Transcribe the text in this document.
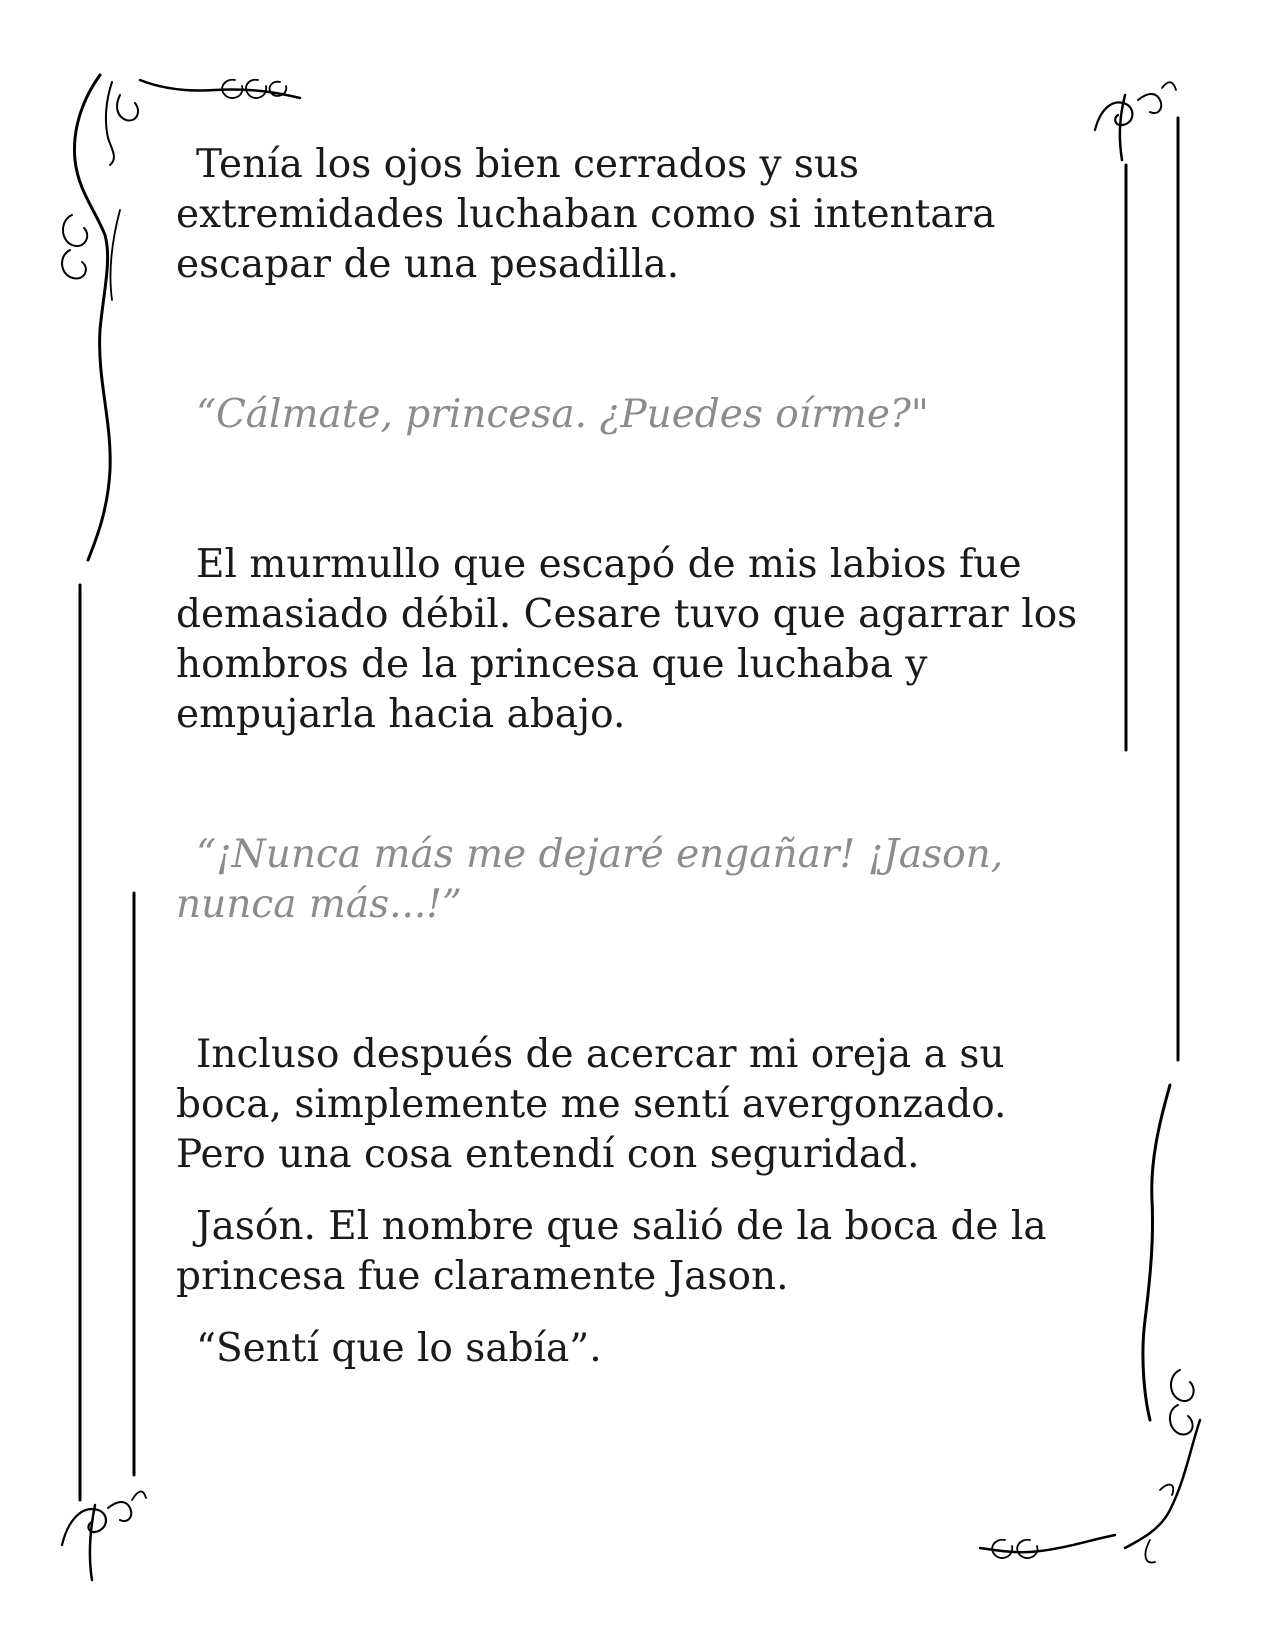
Tenía los ojos bien cerrados y sus extremidades luchaban como si intentara escapar de una pesadilla.

“Cálmate, princesa. ¿Puedes oírme?"

El murmullo que escapó de mis labios fue demasiado débil. Cesare tuvo que agarrar los hombros de la princesa que luchaba y empujarla hacia abajo.

“¡Nunca más me dejaré engañar! ¡Jason, nunca más...!”

Incluso después de acercar mi oreja a su boca, simplemente me sentí avergonzado. Pero una cosa entendí con seguridad.

Jasón. El nombre que salió de la boca de la princesa fue claramente Jason.

“Sentí que lo sabía”.
